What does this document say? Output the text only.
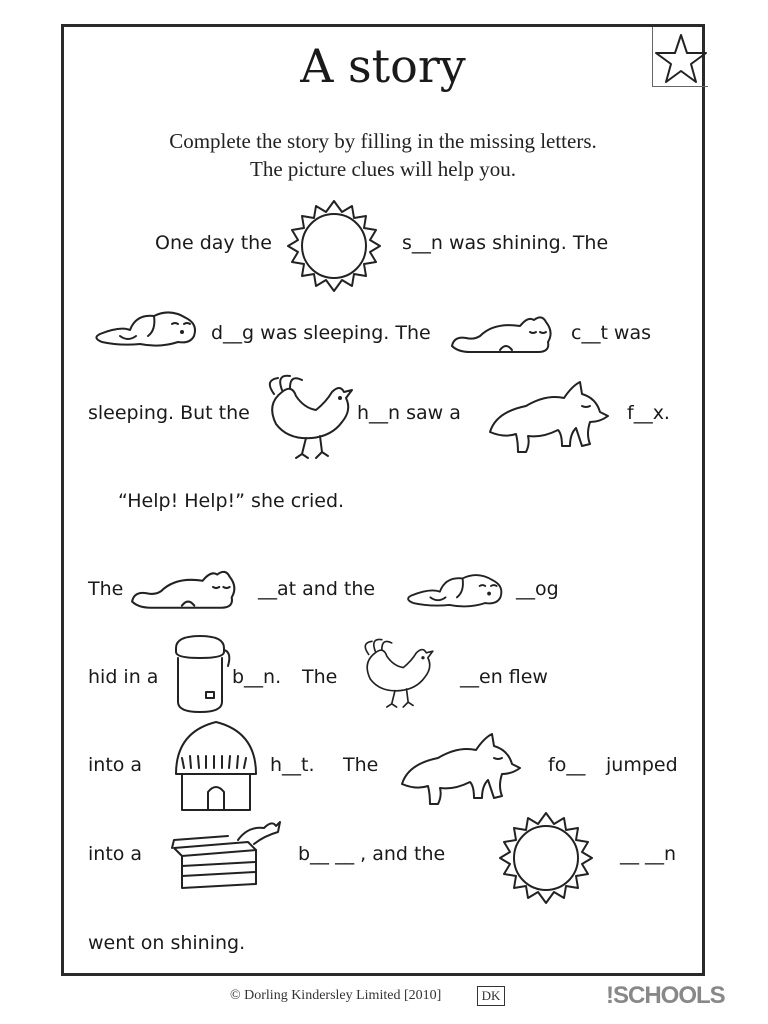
A story
Complete the story by filling in the missing letters.
The picture clues will help you.
One day the	s__n was shining. The
d__g was sleeping. The	c__t was
sleeping. But the	h__n saw a	f__x.
“Help! Help!” she cried.
The	__at and the	__og
hid in a	b__n. The	__en flew
into a	h__t. The	fo__ jumped
into a	b__ __ , and the	__ __n
went on shining.
© Dorling Kindersley Limited [2010]	DK	!SCHOOLS
